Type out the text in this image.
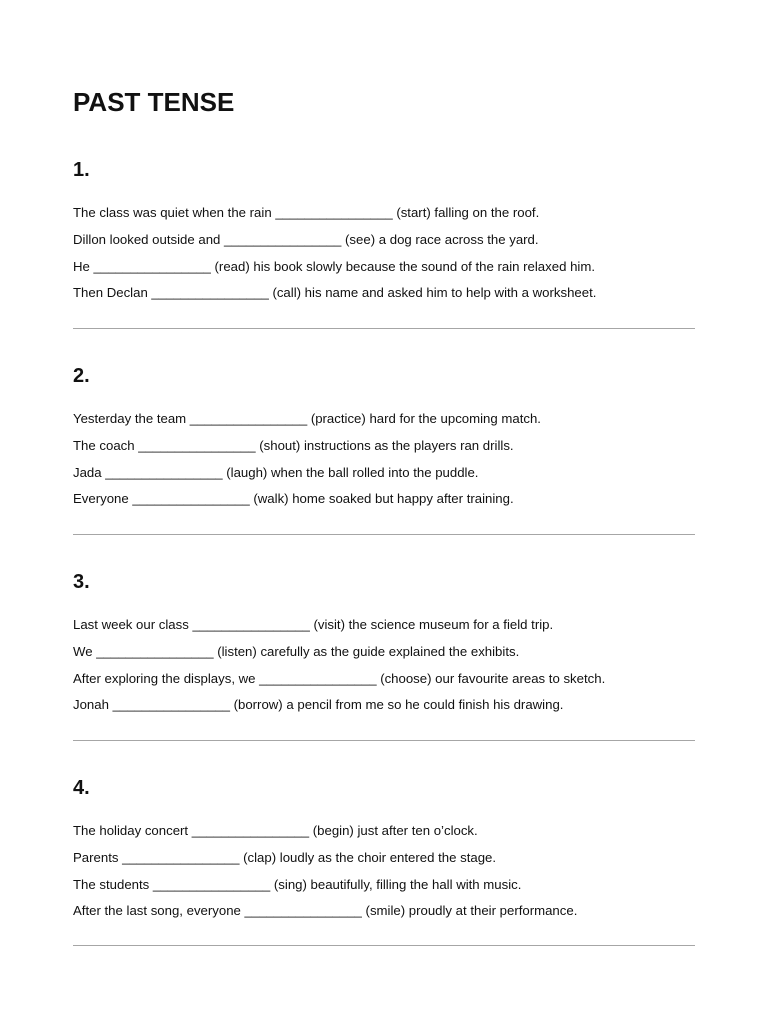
PAST TENSE
1.
The class was quiet when the rain ________________ (start) falling on the roof.
Dillon looked outside and ________________ (see) a dog race across the yard.
He ________________ (read) his book slowly because the sound of the rain relaxed him.
Then Declan ________________ (call) his name and asked him to help with a worksheet.
2.
Yesterday the team ________________ (practice) hard for the upcoming match.
The coach ________________ (shout) instructions as the players ran drills.
Jada ________________ (laugh) when the ball rolled into the puddle.
Everyone ________________ (walk) home soaked but happy after training.
3.
Last week our class ________________ (visit) the science museum for a field trip.
We ________________ (listen) carefully as the guide explained the exhibits.
After exploring the displays, we ________________ (choose) our favourite areas to sketch.
Jonah ________________ (borrow) a pencil from me so he could finish his drawing.
4.
The holiday concert ________________ (begin) just after ten o’clock.
Parents ________________ (clap) loudly as the choir entered the stage.
The students ________________ (sing) beautifully, filling the hall with music.
After the last song, everyone ________________ (smile) proudly at their performance.
